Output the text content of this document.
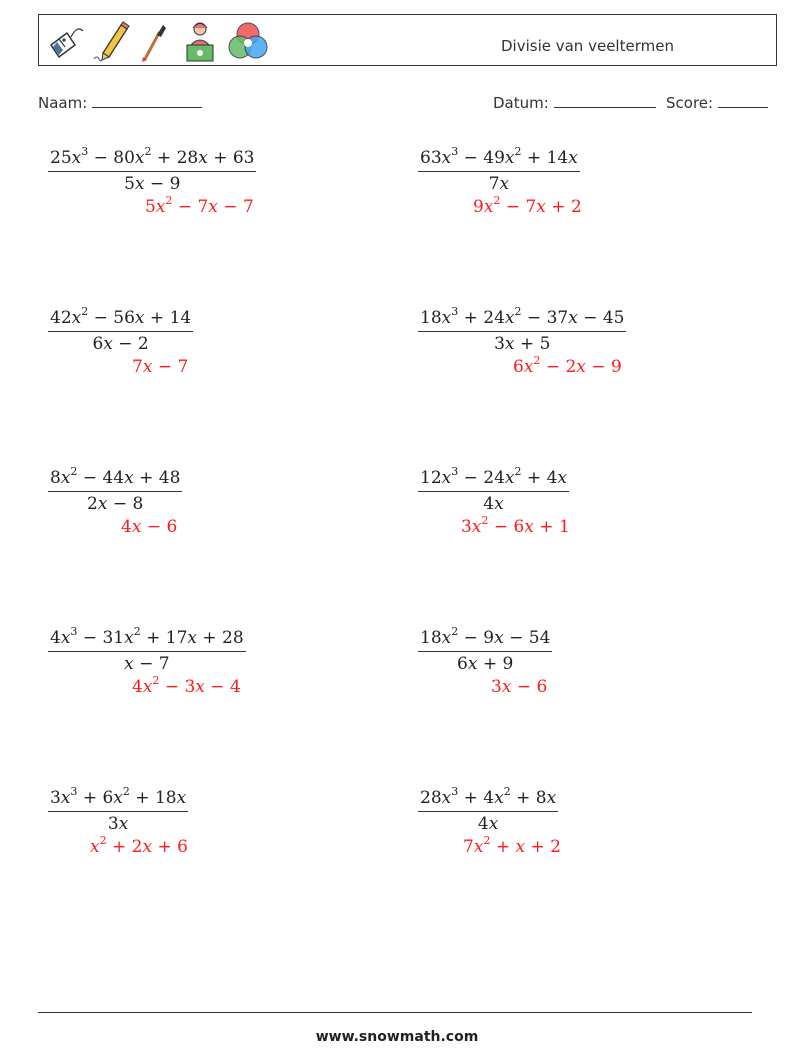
Divisie van veeltermen
Naam:	Datum:	Score:
$\frac{25x^3 - 80x^2 + 28x + 63}{5x - 9}$
$5x^2 - 7x - 7$
$\frac{63x^3 - 49x^2 + 14x}{7x}$
$9x^2 - 7x + 2$
$\frac{42x^2 - 56x + 14}{6x - 2}$
7x − 7
$\frac{18x^3 + 24x^2 - 37x - 45}{3x + 5}$
$6x^2 - 2x - 9$
$\frac{8x^2 - 44x + 48}{2x - 8}$
4x − 6
$\frac{12x^3 - 24x^2 + 4x}{4x}$
$3x^2 - 6x + 1$
$\frac{4x^3 - 31x^2 + 17x + 28}{x - 7}$
$4x^2 - 3x - 4$
$\frac{18x^2 - 9x - 54}{6x + 9}$
3x − 6
$\frac{3x^3 + 6x^2 + 18x}{3x}$
$x^2 + 2x + 6$
$\frac{28x^3 + 4x^2 + 8x}{4x}$
$7x^2 + x + 2$
www.snowmath.com
